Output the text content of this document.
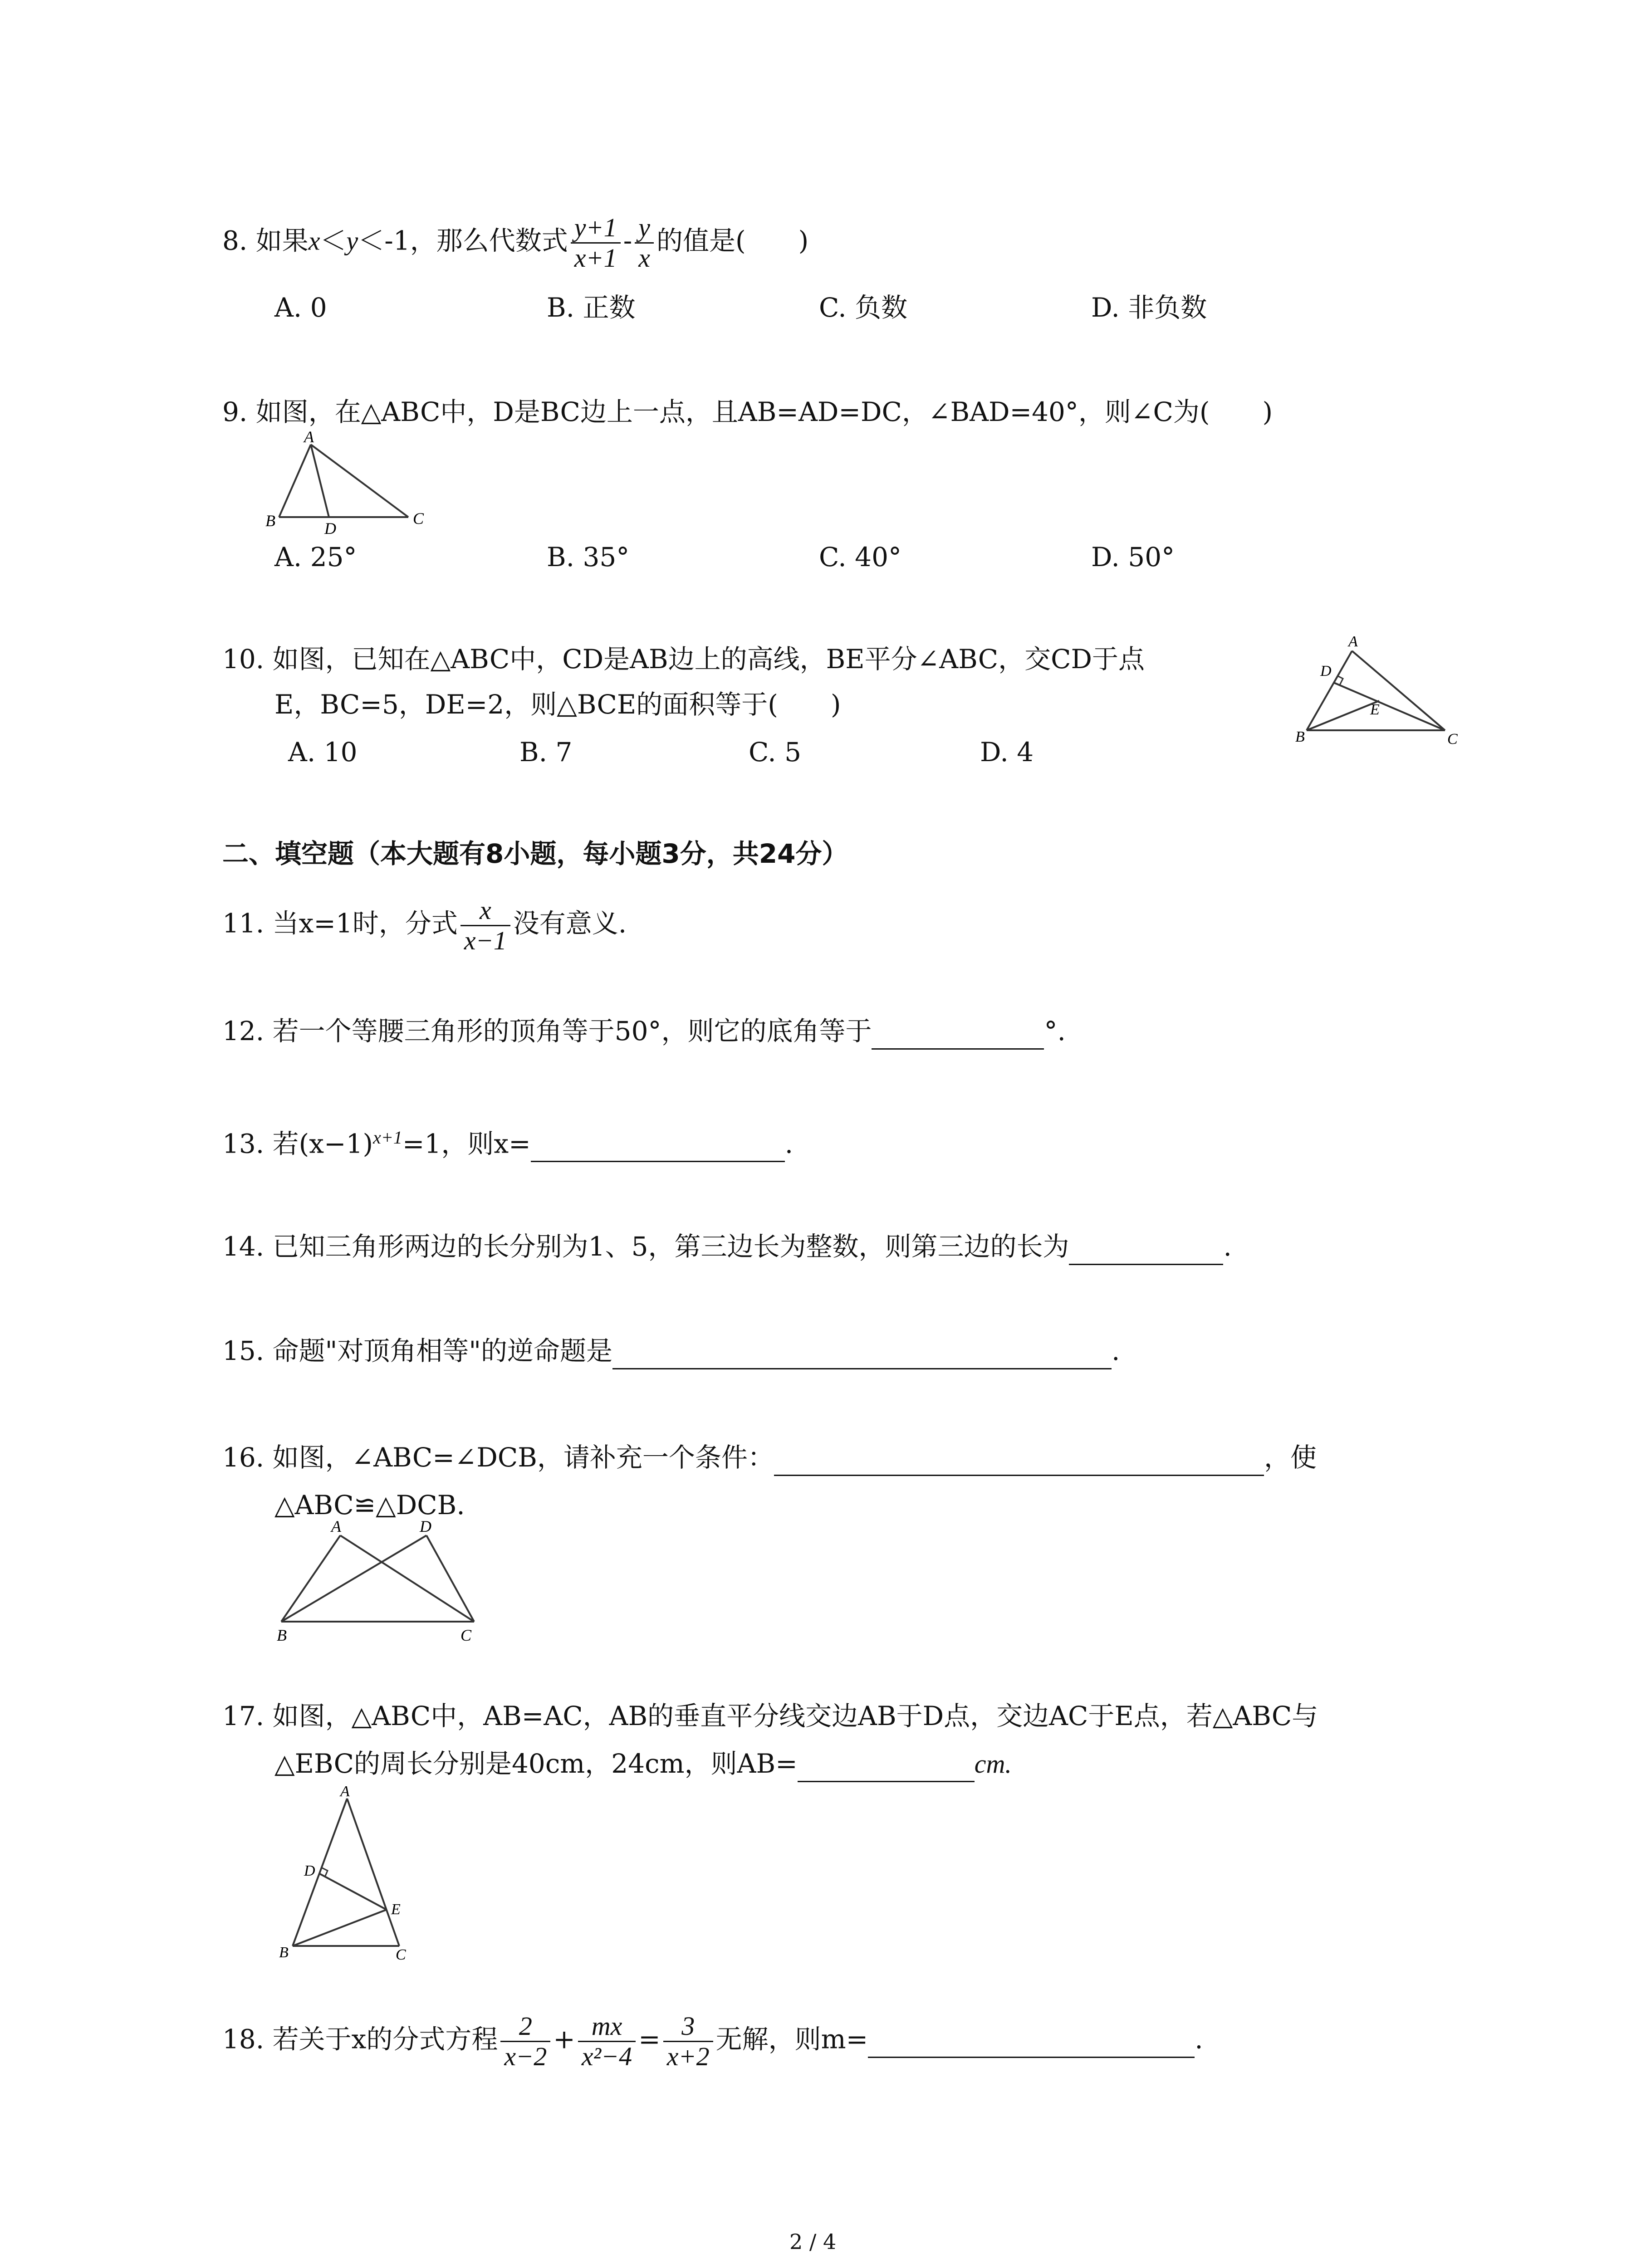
8. 如果x＜y＜-1，那么代数式 $\frac{y+1}{x+1} - \frac{y}{x}$ 的值是(　　)
A. 0	B. 正数	C. 负数	D. 非负数
9. 如图，在△ABC中，D是BC边上一点，且AB=AD=DC，∠BAD=40°，则∠C为(　　)
A
B	D
C
A. 25°	B. 35°	C. 40°	D. 50°
10. 如图，已知在△ABC中，CD是AB边上的高线，BE平分∠ABC，交CD于点
E，BC=5，DE=2，则△BCE的面积等于(　　)
A. 10	B. 7	C. 5	D. 4
A
D
E
B	C
二、填空题（本大题有8小题，每小题3分，共24分）
11. 当x=1时，分式 $\frac{x}{x-1}$ 没有意义.
12. 若一个等腰三角形的顶角等于50°，则它的底角等于	°.
13. 若$(x-1)^{x+1}=1$，则x=	.
14. 已知三角形两边的长分别为1、5，第三边长为整数，则第三边的长为	.
15. 命题"对顶角相等"的逆命题是	.
16. 如图，∠ABC=∠DCB，请补充一个条件：	，使
△ABC≌△DCB.
A	D
B	C
17. 如图，△ABC中，AB=AC，AB的垂直平分线交边AB于D点，交边AC于E点，若△ABC与
△EBC的周长分别是40cm，24cm，则AB=	cm.
A
D
E
B	C
18. 若关于x的分式方程 $\frac{2}{x-2} + \frac{mx}{\text{x²−4}} = \frac{3}{x+2}$ 无解，则m=	.
2 / 4
